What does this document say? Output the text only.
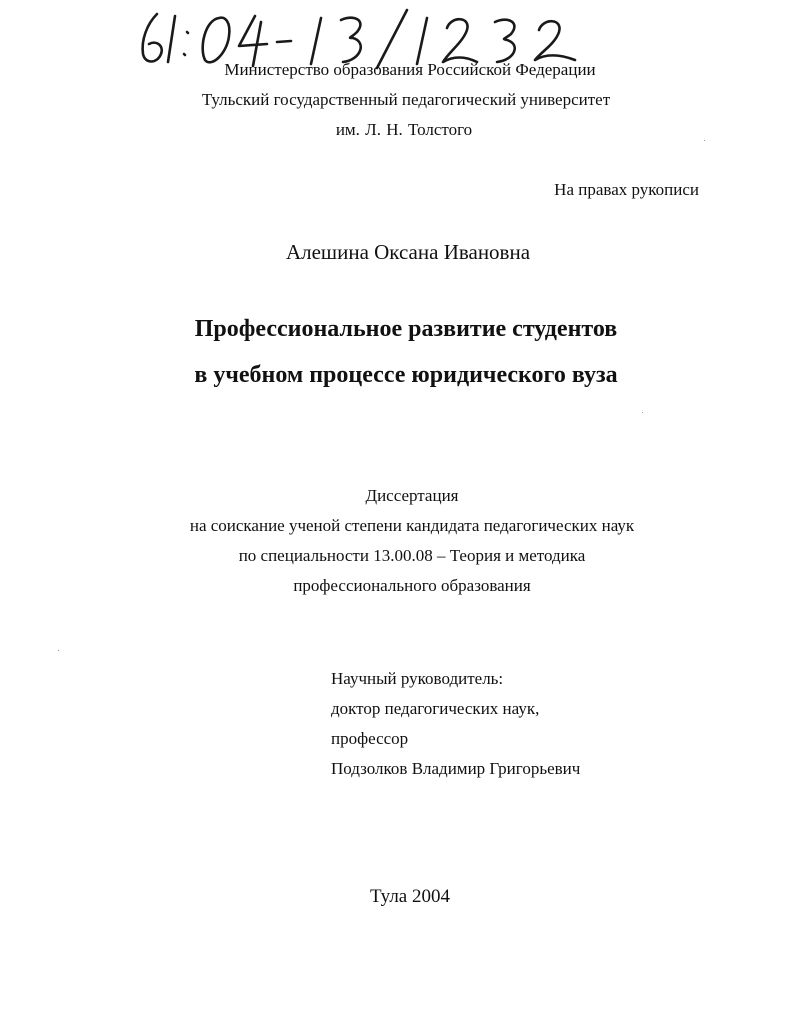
Министерство образования Российской Федерации
Тульский государственный педагогический университет
им. Л. Н. Толстого
На правах рукописи
Алешина Оксана Ивановна
Профессиональное развитие студентов
в учебном процессе юридического вуза
Диссертация
на соискание ученой степени кандидата педагогических наук
по специальности 13.00.08 – Теория и методика
профессионального образования
Научный руководитель:
доктор педагогических наук,
профессор
Подзолков Владимир Григорьевич
Тула 2004
